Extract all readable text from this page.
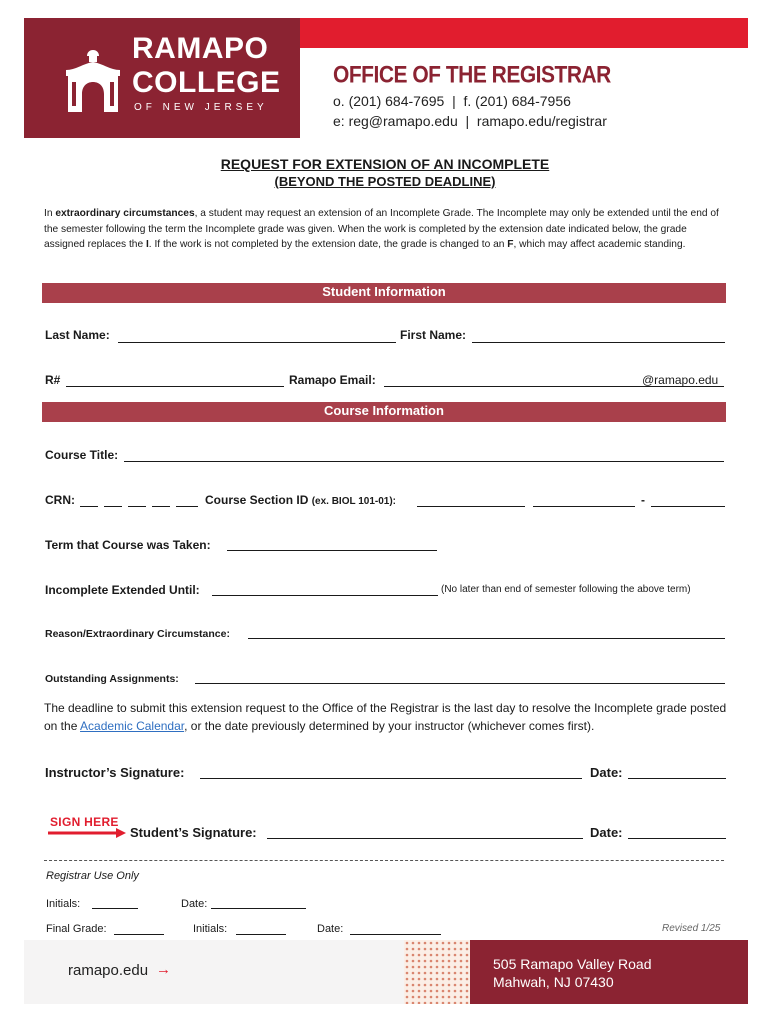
RAMAPO
COLLEGE
OF NEW JERSEY
OFFICE OF THE REGISTRAR
o. (201) 684-7695  |  f. (201) 684-7956
e: reg@ramapo.edu  |  ramapo.edu/registrar
REQUEST FOR EXTENSION OF AN INCOMPLETE
(BEYOND THE POSTED DEADLINE)
In extraordinary circumstances, a student may request an extension of an Incomplete Grade. The Incomplete may only be extended until the end of the semester following the term the Incomplete grade was given. When the work is completed by the extension date indicated below, the grade assigned replaces the I. If the work is not completed by the extension date, the grade is changed to an F, which may affect academic standing.
Student Information
Last Name:	First Name:
R#	Ramapo Email:	@ramapo.edu
Course Information
Course Title:
CRN:	Course Section ID (ex. BIOL 101-01):	-
Term that Course was Taken:
Incomplete Extended Until:	(No later than end of semester following the above term)
Reason/Extraordinary Circumstance:
Outstanding Assignments:
The deadline to submit this extension request to the Office of the Registrar is the last day to resolve the Incomplete grade posted on the Academic Calendar, or the date previously determined by your instructor (whichever comes first).
Instructor’s Signature:	Date:
SIGN HERE
Student’s Signature:	Date:
Registrar Use Only
Initials:	Date:
Final Grade:	Initials:	Date:	Revised 1/25
ramapo.edu →	505 Ramapo Valley Road
Mahwah, NJ 07430
